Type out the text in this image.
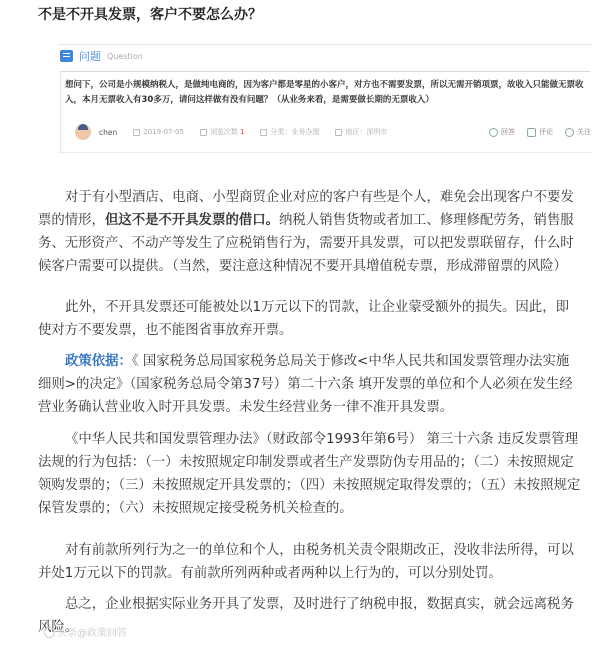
不是不开具发票，客户不要怎么办？
问题 Question
想问下，公司是小规模纳税人，是做纯电商的，因为客户都是零星的小客户，对方也不需要发票，所以无需开销项票，故收入只能做无票收入，本月无票收入有30多万，请问这样做有没有问题？（从业务来看，是需要做长期的无票收入）
chen	2019-07-05	浏览次数 1	分类：业务办理	地区：深圳市	回答	评论	关注
对于有小型酒店、电商、小型商贸企业对应的客户有些是个人，难免会出现客户不要发票的情形，但这不是不开具发票的借口。纳税人销售货物或者加工、修理修配劳务，销售服务、无形资产、不动产等发生了应税销售行为，需要开具发票，可以把发票联留存，什么时候客户需要可以提供。（当然，要注意这种情况不要开具增值税专票，形成滞留票的风险）
此外，不开具发票还可能被处以1万元以下的罚款，让企业蒙受额外的损失。因此，即使对方不要发票，也不能图省事放弃开票。
政策依据：《 国家税务总局国家税务总局关于修改<中华人民共和国发票管理办法实施细则>的决定》（国家税务总局令第37号）第二十六条 填开发票的单位和个人必须在发生经营业务确认营业收入时开具发票。未发生经营业务一律不准开具发票。
《中华人民共和国发票管理办法》（财政部令1993年第6号） 第三十六条 违反发票管理法规的行为包括：（一）未按照规定印制发票或者生产发票防伪专用品的；（二）未按照规定领购发票的；（三）未按照规定开具发票的；（四）未按照规定取得发票的；（五）未按照规定保管发票的；（六）未按照规定接受税务机关检查的。
对有前款所列行为之一的单位和个人，由税务机关责令限期改正，没收非法所得，可以并处1万元以下的罚款。有前款所列两种或者两种以上行为的，可以分别处罚。
总之，企业根据实际业务开具了发票，及时进行了纳税申报，数据真实，就会远离税务风险。
头条@政策回答
